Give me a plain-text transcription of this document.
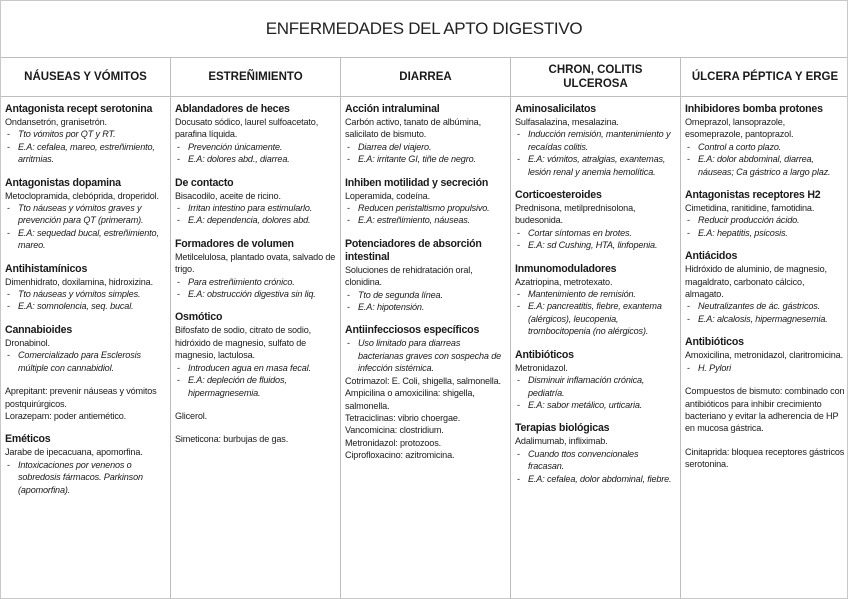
ENFERMEDADES DEL APTO DIGESTIVO
NÁUSEAS Y VÓMITOS	ESTREÑIMIENTO	DIARREA
CHRON, COLITIS ULCEROSA
ÚLCERA PÉPTICA Y ERGE
Antagonista recept serotonina
Ondansetrón, granisetrón.
- Tto vómitos por QT y RT.
- E.A: cefalea, mareo, estreñimiento, arritmias.
Antagonistas dopamina
Metoclopramida, clebóprida, droperidol.
- Tto náuseas y vómitos graves y prevención para QT (primeram).
- E.A: sequedad bucal, estreñimiento, mareo.
Antihistamínicos
Dimenhidrato, doxilamina, hidroxizina.
- Tto náuseas y vómitos simples.
- E.A: somnolencia, seq. bucal.
Cannabioides
Dronabinol.
- Comercializado para Esclerosis múltiple con cannabidiol.
Aprepitant: prevenir náuseas y vómitos postquirúrgicos.
Lorazepam: poder antiemético.
Eméticos
Jarabe de ipecacuana, apomorfina.
- Intoxicaciones por venenos o sobredosis fármacos. Parkinson (apomorfina).
Ablandadores de heces
Docusato sódico, laurel sulfoacetato, parafina líquida.
- Prevención únicamente.
- E.A: dolores abd., diarrea.
De contacto
Bisacodilo, aceite de ricino.
- Irritan intestino para estimularlo.
- E.A: dependencia, dolores abd.
Formadores de volumen
Metilcelulosa, plantado ovata, salvado de trigo.
- Para estreñimiento crónico.
- E.A: obstrucción digestiva sin liq.
Osmótico
Bifosfato de sodio, citrato de sodio, hidróxido de magnesio, sulfato de magnesio, lactulosa.
- Introducen agua en masa fecal.
- E.A: depleción de fluidos, hipermagnesemia.
Glicerol.
Simeticona: burbujas de gas.
Acción intraluminal
Carbón activo, tanato de albúmina, salicilato de bismuto.
- Diarrea del viajero.
- E.A: irritante GI, tiñe de negro.
Inhiben motilidad y secreción
Loperamida, codeína.
- Reducen peristaltismo propulsivo.
- E.A: estreñimiento, náuseas.
Potenciadores de absorción intestinal
Soluciones de rehidratación oral, clonidina.
- Tto de segunda línea.
- E.A: hipotensión.
Antiinfecciosos específicos
- Uso limitado para diarreas bacterianas graves con sospecha de infección sistémica.
Cotrimazol: E. Coli, shigella, salmonella.
Ampicilina o amoxicilina: shigella, salmonella.
Tetraciclinas: vibrio choergae.
Vancomicina: clostridium.
Metronidazol: protozoos.
Ciprofloxacino: azitromicina.
Aminosalicilatos
Sulfasalazina, mesalazina.
- Inducción remisión, mantenimiento y recaídas colitis.
- E.A: vómitos, atralgias, exantemas, lesión renal y anemia hemolítica.
Corticoesteroides
Prednisona, metilprednisolona, budesonida.
- Cortar síntomas en brotes.
- E.A: sd Cushing, HTA, linfopenia.
Inmunomoduladores
Azatriopina, metrotexato.
- Mantenimiento de remisión.
- E.A: pancreatitis, fiebre, exantema (alérgicos), leucopenia, trombocitopenia (no alérgicos).
Antibióticos
Metronidazol.
- Disminuir inflamación crónica, pediatría.
- E.A: sabor metálico, urticaria.
Terapias biológicas
Adalimumab, infliximab.
- Cuando ttos convencionales fracasan.
- E.A: cefalea, dolor abdominal, fiebre.
Inhibidores bomba protones
Omeprazol, lansoprazole, esomeprazole, pantoprazol.
- Control a corto plazo.
- E.A: dolor abdominal, diarrea, náuseas; Ca gástrico a largo plaz.
Antagonistas receptores H2
Cimetidina, ranitidine, famotidina.
- Reducir producción ácido.
- E.A: hepatitis, psicosis.
Antiácidos
Hidróxido de aluminio, de magnesio, magaldrato, carbonato cálcico, almagato.
- Neutralizantes de ác. gástricos.
- E.A: alcalosis, hipermagnesemia.
Antibióticos
Amoxicilina, metronidazol, claritromicina.
- H. Pylori
Compuestos de bismuto: combinado con antibióticos para inhibir crecimiento bacteriano y evitar la adherencia de HP en mucosa gástrica.
Cinitaprida: bloquea receptores gástricos serotonina.
